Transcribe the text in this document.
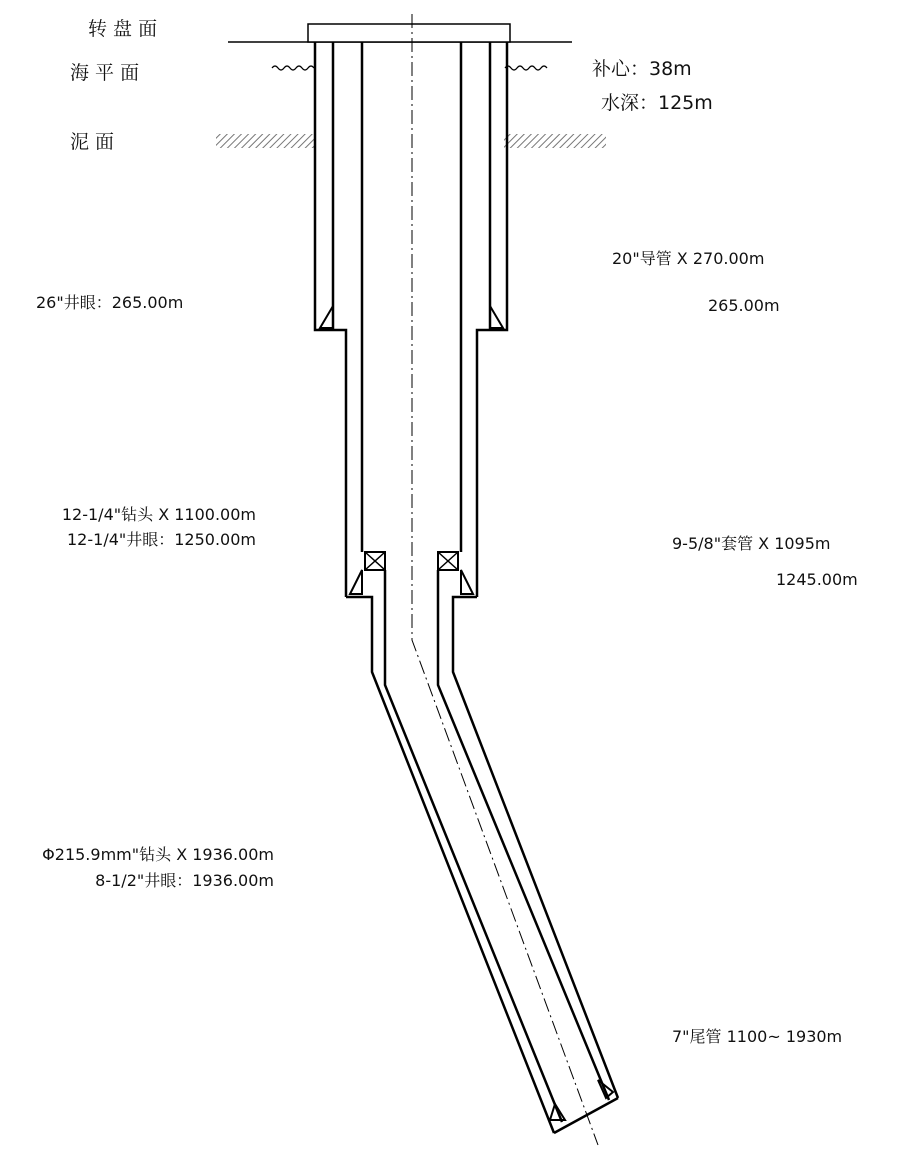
转 盘 面
海 平 面
泥 面
补心：38m
水深：125m
20"导管 X 270.00m
265.00m
26"井眼：265.00m
12-1/4"钻头 X 1100.00m
12-1/4"井眼：1250.00m	9-5/8"套管 X 1095m
1245.00m
Φ215.9mm"钻头 X 1936.00m
8-1/2"井眼：1936.00m
7"尾管 1100~ 1930m
